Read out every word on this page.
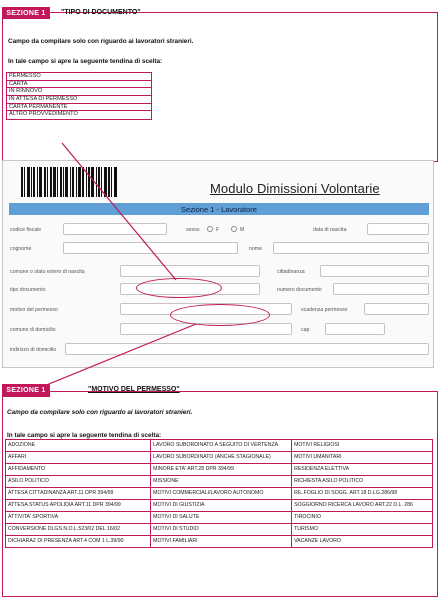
SEZIONE 1	"TIPO DI DOCUMENTO"
Campo da compilare solo con riguardo ai lavoratori stranieri.
In tale campo si apre la seguente tendina di scelta:
PERMESSO
CARTA
IN RINNOVO
IN ATTESA DI PERMESSO
CARTA PERMANENTE
ALTRO PROVVEDIMENTO
Modulo Dimissioni Volontarie
Sezione 1 - Lavoratore
codice fiscale	sesso	F	M	data di nascita
cognome	nome
comune o stato estero di nascita	cittadinanza
tipo documento	numero documento
motivo del permesso	scadenza permesso
comune di domicilio	cap
indirizzo di domicilio
SEZIONE 1	"MOTIVO DEL PERMESSO"
Campo da compilare solo con riguardo ai lavoratori stranieri.
In tale campo si apre la seguente tendina di scelta:
ADOZIONE	LAVORO SUBORDINATO A SEGUITO DI VERTENZA	MOTIVI RELIGIOSI
AFFARI	LAVORO SUBORDINATO (ANCHE STAGIONALE)	MOTIVI UMANITARI
AFFIDAMENTO	MINORE ETA' ART.28 DPR 394/99	RESIDENZA ELETTIVA
ASILO POLITICO	MISSIONE	RICHIESTA ASILO POLITICO
ATTESA CITTADINANZA ART.11 DPR 394/99	MOTIVI COMMERCIALI/LAVORO AUTONOMO	RIL.FOGLIO DI SOGG. ART.18 D.LG.286/98
ATTESA STATUS APOLIDIA ART.11 DPR 394/99	MOTIVI DI GIUSTIZIA	SOGGIORNO RICERCA LAVORO ART.22 D.L. 286
ATTIVITA' SPORTIVA	MOTIVI DI SALUTE	TIROCINIO
CONVERSIONE DLGS.N.O.L.523/02 DEL 16/02	MOTIVI DI STUDIO	TURISMO
DICHIARAZ DI PRESENZA ART.4 COM 1 L.39/90	MOTIVI FAMILIARI	VACANZE LAVORO
